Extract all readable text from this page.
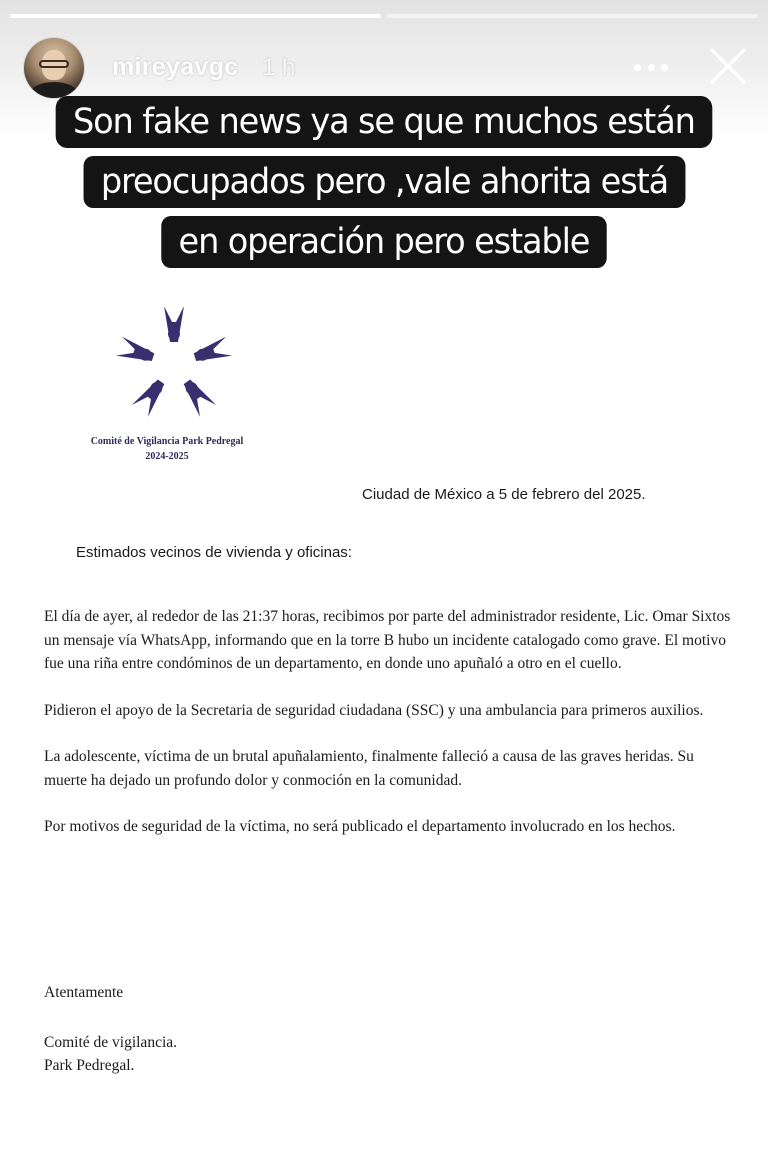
mireyavgc 1 h
Son fake news ya se que muchos están
preocupados pero ,vale ahorita está
en operación pero estable
Comité de Vigilancia Park Pedregal
2024-2025
Ciudad de México a 5 de febrero del 2025.
Estimados vecinos de vivienda y oficinas:

El día de ayer, al rededor de las 21:37 horas, recibimos por parte del administrador residente, Lic. Omar Sixtos un mensaje vía WhatsApp, informando que en la torre B hubo un incidente catalogado como grave. El motivo fue una riña entre condóminos de un departamento, en donde uno apuñaló a otro en el cuello.

Pidieron el apoyo de la Secretaria de seguridad ciudadana (SSC) y una ambulancia para primeros auxilios.

La adolescente, víctima de un brutal apuñalamiento, finalmente falleció a causa de las graves heridas. Su muerte ha dejado un profundo dolor y conmoción en la comunidad.

Por motivos de seguridad de la víctima, no será publicado el departamento involucrado en los hechos.

Atentamente
Comité de vigilancia.
Park Pedregal.
